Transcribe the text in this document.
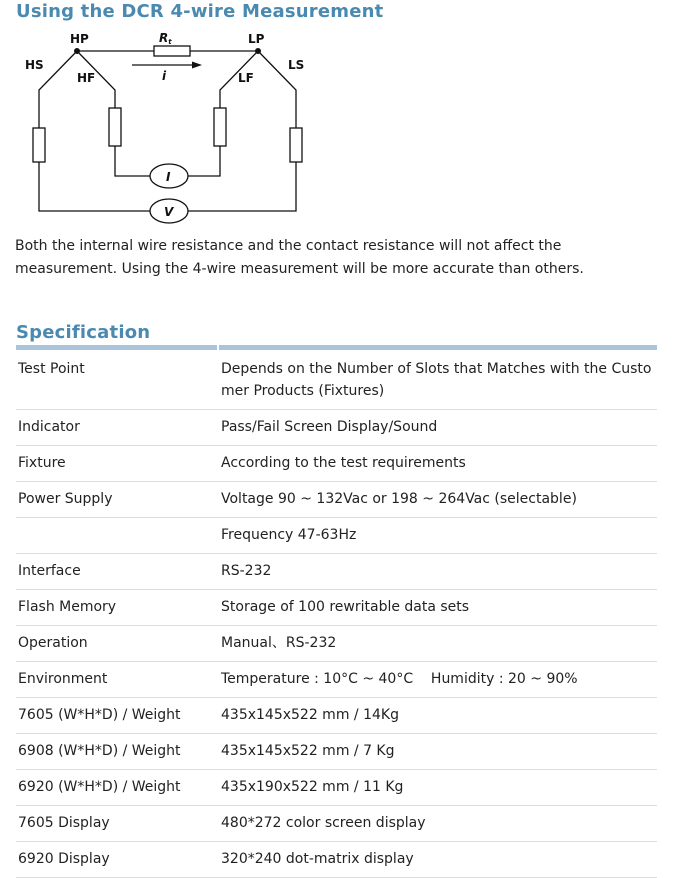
Using the DCR 4-wire Measurement
HP	LP
HS
HF	LF
LS
Rt
i
I
V

Both the internal wire resistance and the contact resistance will not affect the measurement. Using the 4-wire measurement will be more accurate than others.

Specification
Test Point	Depends on the Number of Slots that Matches with the Customer Products (Fixtures)
Indicator	Pass/Fail Screen Display/Sound
Fixture	According to the test requirements
Power Supply	Voltage 90 ~ 132Vac or 198 ~ 264Vac (selectable)
	Frequency 47-63Hz
Interface	RS-232
Flash Memory	Storage of 100 rewritable data sets
Operation	Manual、RS-232
Environment	Temperature : 10°C ~ 40°C    Humidity : 20 ~ 90%
7605 (W*H*D) / Weight	435x145x522 mm / 14Kg
6908 (W*H*D) / Weight	435x145x522 mm / 7 Kg
6920 (W*H*D) / Weight	435x190x522 mm / 11 Kg
7605 Display	480*272 color screen display
6920 Display	320*240 dot-matrix display
